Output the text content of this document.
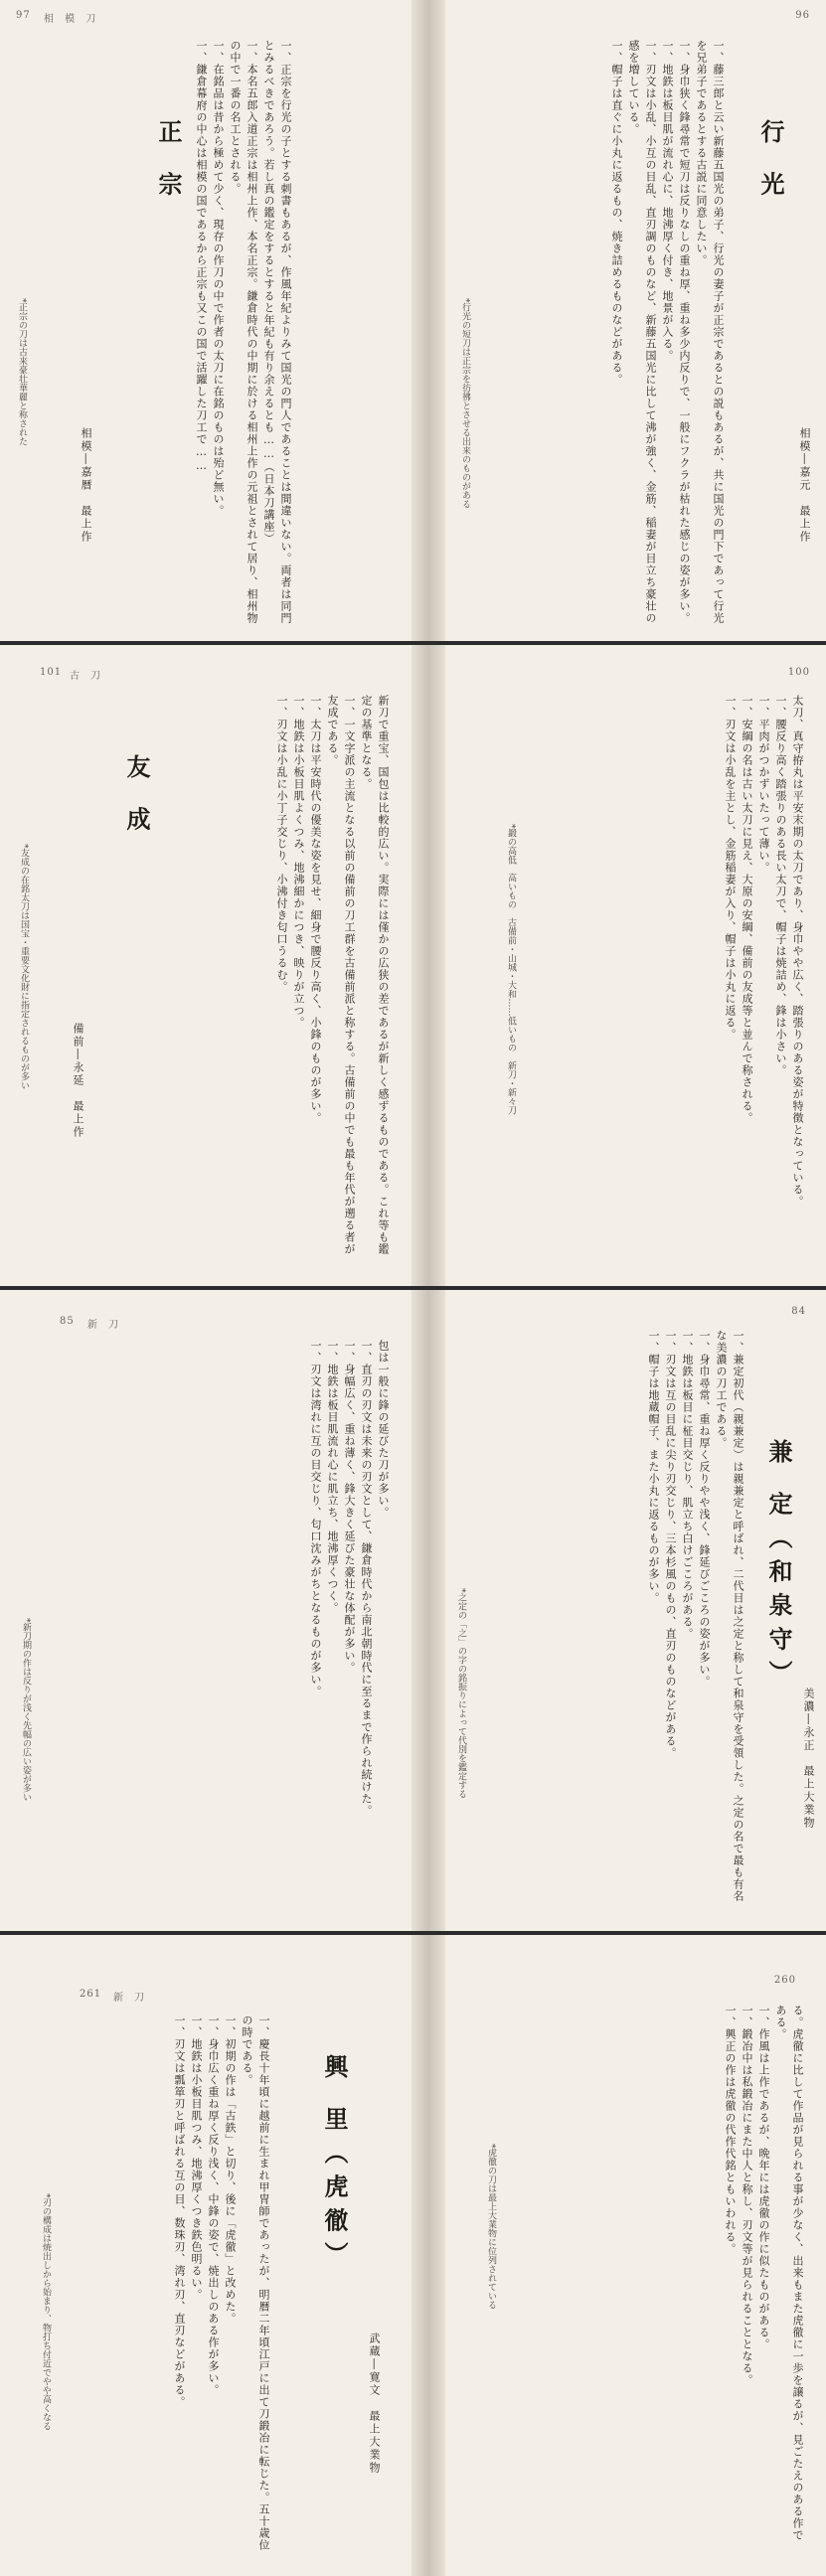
97 相 模 刀
一、正宗を行光の子とする刺書もあるが、作風年紀よりみて国光の門人であることは間違いない。両者は同門とみるべきであろう。若し真の鑑定をするとすると年紀も有り余えるとも……（日本刀講座）
一、本名五郎入道正宗は相州上作、本名正宗。鎌倉時代の中期に於ける相州上作の元祖とされて居り、相州物の中で一番の名工とされる。
一、在銘品は昔から極めて少く、現存の作刀の中で作者の太刀に在銘のものは殆ど無い。
一、鎌倉幕府の中心は相模の国であるから正宗も又この国で活躍した刀工で……
正 宗
相模―嘉暦　最上作
*正宗の刀は古来豪壮華麗と称された
96
行 光
相模―嘉元　最上作
一、藤三郎と云い新藤五国光の弟子、行光の妻子が正宗であるとの説もあるが、共に国光の門下であって行光を兄弟子であるとする古説に同意したい。
一、身巾狭く鋒尋常で短刀は反りなしの重ね厚、重ね多少内反りで、一般にフクラが枯れた感じの姿が多い。
一、地鉄は板目肌が流れ心に、地沸厚く付き、地景が入る。
一、刃文は小乱、小互の目乱、直刃調のものなど、新藤五国光に比して沸が強く、金筋、稲妻が目立ち豪壮の感を増している。
一、帽子は直ぐに小丸に返るもの、焼き詰めるものなどがある。
*行光の短刀は正宗を彷彿とさせる出来のものがある
101 古 刀
新刀で重宝、国包は比較的広い。実際には僅かの広狭の差であるが新しく感ずるものである。これ等も鑑定の基準となる。
一、一文字派の主流となる以前の備前の刀工群を古備前派と称する。古備前の中でも最も年代が遡る者が友成である。
一、太刀は平安時代の優美な姿を見せ、細身で腰反り高く、小鋒のものが多い。
一、地鉄は小板目肌よくつみ、地沸細かにつき、映りが立つ。
一、刃文は小乱に小丁子交じり、小沸付き匂口うるむ。
友 成
備前―永延　最上作
*友成の在銘太刀は国宝・重要文化財に指定されるものが多い
100
太刀、真守拵丸は平安末期の太刀であり、身巾やや広く、踏張りのある姿が特徴となっている。
一、腰反り高く踏張りのある長い太刀で、帽子は焼詰め、鋒は小さい。
一、平肉がつかずいたって薄い。
一、安綱の名は古い太刀に見え、大原の安綱、備前の友成等と並んで称される。
一、刃文は小乱を主とし、金筋稲妻が入り、帽子は小丸に返る。
*鍛の高低　高いもの　古備前・山城・大和……低いもの　新刀・新々刀
85 新 刀
包は一般に鋒の延びた刀が多い。
一、直刃の刃文は未来の刃文として、鎌倉時代から南北朝時代に至るまで作られ続けた。
一、身幅広く、重ね薄く、鋒大きく延びた豪壮な体配が多い。
一、地鉄は板目肌流れ心に肌立ち、地沸厚くつく。
一、刃文は湾れに互の目交じり、匂口沈みがちとなるものが多い。
*新刀期の作は反りが浅く先幅の広い姿が多い
84
兼 定（和泉守）
美濃―永正　最上大業物
一、兼定初代（親兼定）は親兼定と呼ばれ、二代目は之定と称して和泉守を受領した。之定の名で最も有名な美濃の刀工である。
一、身巾尋常、重ね厚く反りやや浅く、鋒延びごころの姿が多い。
一、地鉄は板目に柾目交じり、肌立ち白けごころがある。
一、刃文は互の目乱に尖り刃交じり、三本杉風のもの、直刃のものなどがある。
一、帽子は地蔵帽子、また小丸に返るものが多い。
*之定の「之」の字の銘振りによって代別を鑑定する
261 新 刀
一、慶長十年頃に越前に生まれ甲冑師であったが、明暦二年頃江戸に出て刀鍛冶に転じた。五十歳位の時である。
一、初期の作は「古鉄」と切り、後に「虎徹」と改めた。
一、身巾広く重ね厚く反り浅く、中鋒の姿で、焼出しのある作が多い。
一、地鉄は小板目肌つみ、地沸厚くつき鉄色明るい。
一、刃文は瓢箪刃と呼ばれる互の目、数珠刃、湾れ刃、直刃などがある。	興 里（虎徹）
武蔵―寛文　最上大業物
*刃の構成は焼出しから始まり、物打ち付近でやや高くなる
260
る。虎徹に比して作品が見られる事が少なく、出来もまた虎徹に一歩を譲るが、見ごたえのある作である。
一、作風は上作であるが、晩年には虎徹の作に似たものがある。
一、鍛冶中は私鍛冶にまた中人と称し、刃文等が見られることとなる。
一、興正の作は虎徹の代作代銘ともいわれる。
*虎徹の刀は最上大業物に位列されている
